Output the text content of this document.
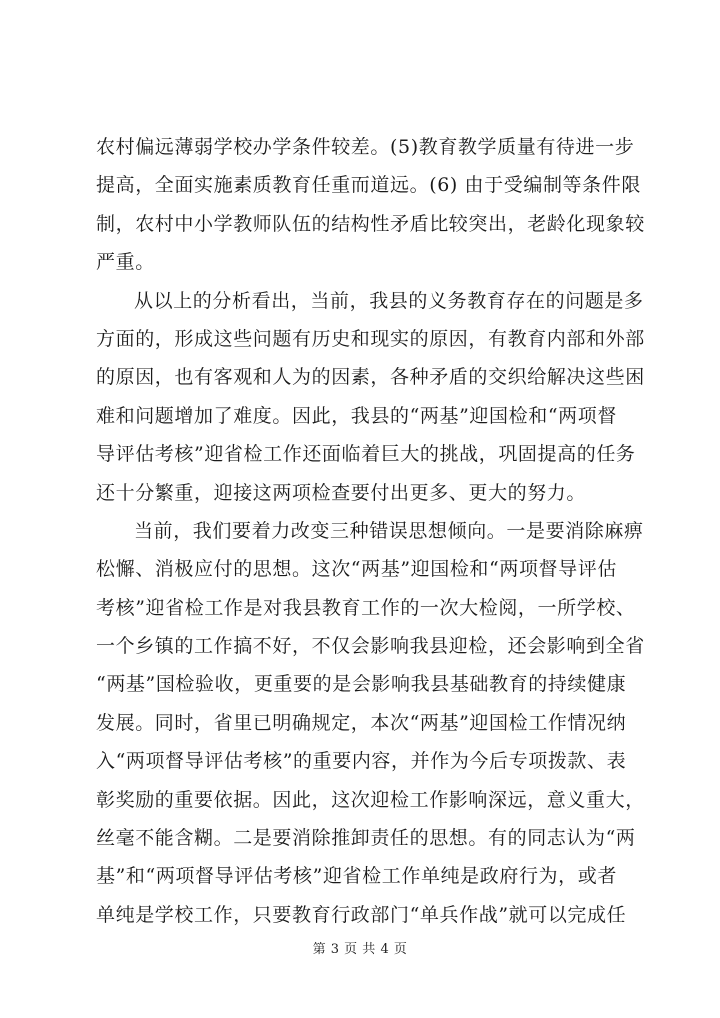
农村偏远薄弱学校办学条件较差。(5)教育教学质量有待进一步
提高，全面实施素质教育任重而道远。(6) 由于受编制等条件限
制，农村中小学教师队伍的结构性矛盾比较突出，老龄化现象较
严重。
从以上的分析看出，当前，我县的义务教育存在的问题是多
方面的，形成这些问题有历史和现实的原因，有教育内部和外部
的原因，也有客观和人为的因素，各种矛盾的交织给解决这些困
难和问题增加了难度。因此，我县的“两基”迎国检和“两项督
导评估考核”迎省检工作还面临着巨大的挑战，巩固提高的任务
还十分繁重，迎接这两项检查要付出更多、更大的努力。
当前，我们要着力改变三种错误思想倾向。一是要消除麻痹
松懈、消极应付的思想。这次“两基”迎国检和“两项督导评估
考核”迎省检工作是对我县教育工作的一次大检阅，一所学校、
一个乡镇的工作搞不好，不仅会影响我县迎检，还会影响到全省
“两基”国检验收，更重要的是会影响我县基础教育的持续健康
发展。同时，省里已明确规定，本次“两基”迎国检工作情况纳
入“两项督导评估考核”的重要内容，并作为今后专项拨款、表
彰奖励的重要依据。因此，这次迎检工作影响深远，意义重大，
丝毫不能含糊。二是要消除推卸责任的思想。有的同志认为“两
基”和“两项督导评估考核”迎省检工作单纯是政府行为，或者
单纯是学校工作，只要教育行政部门“单兵作战”就可以完成任
第 3 页 共 4 页
